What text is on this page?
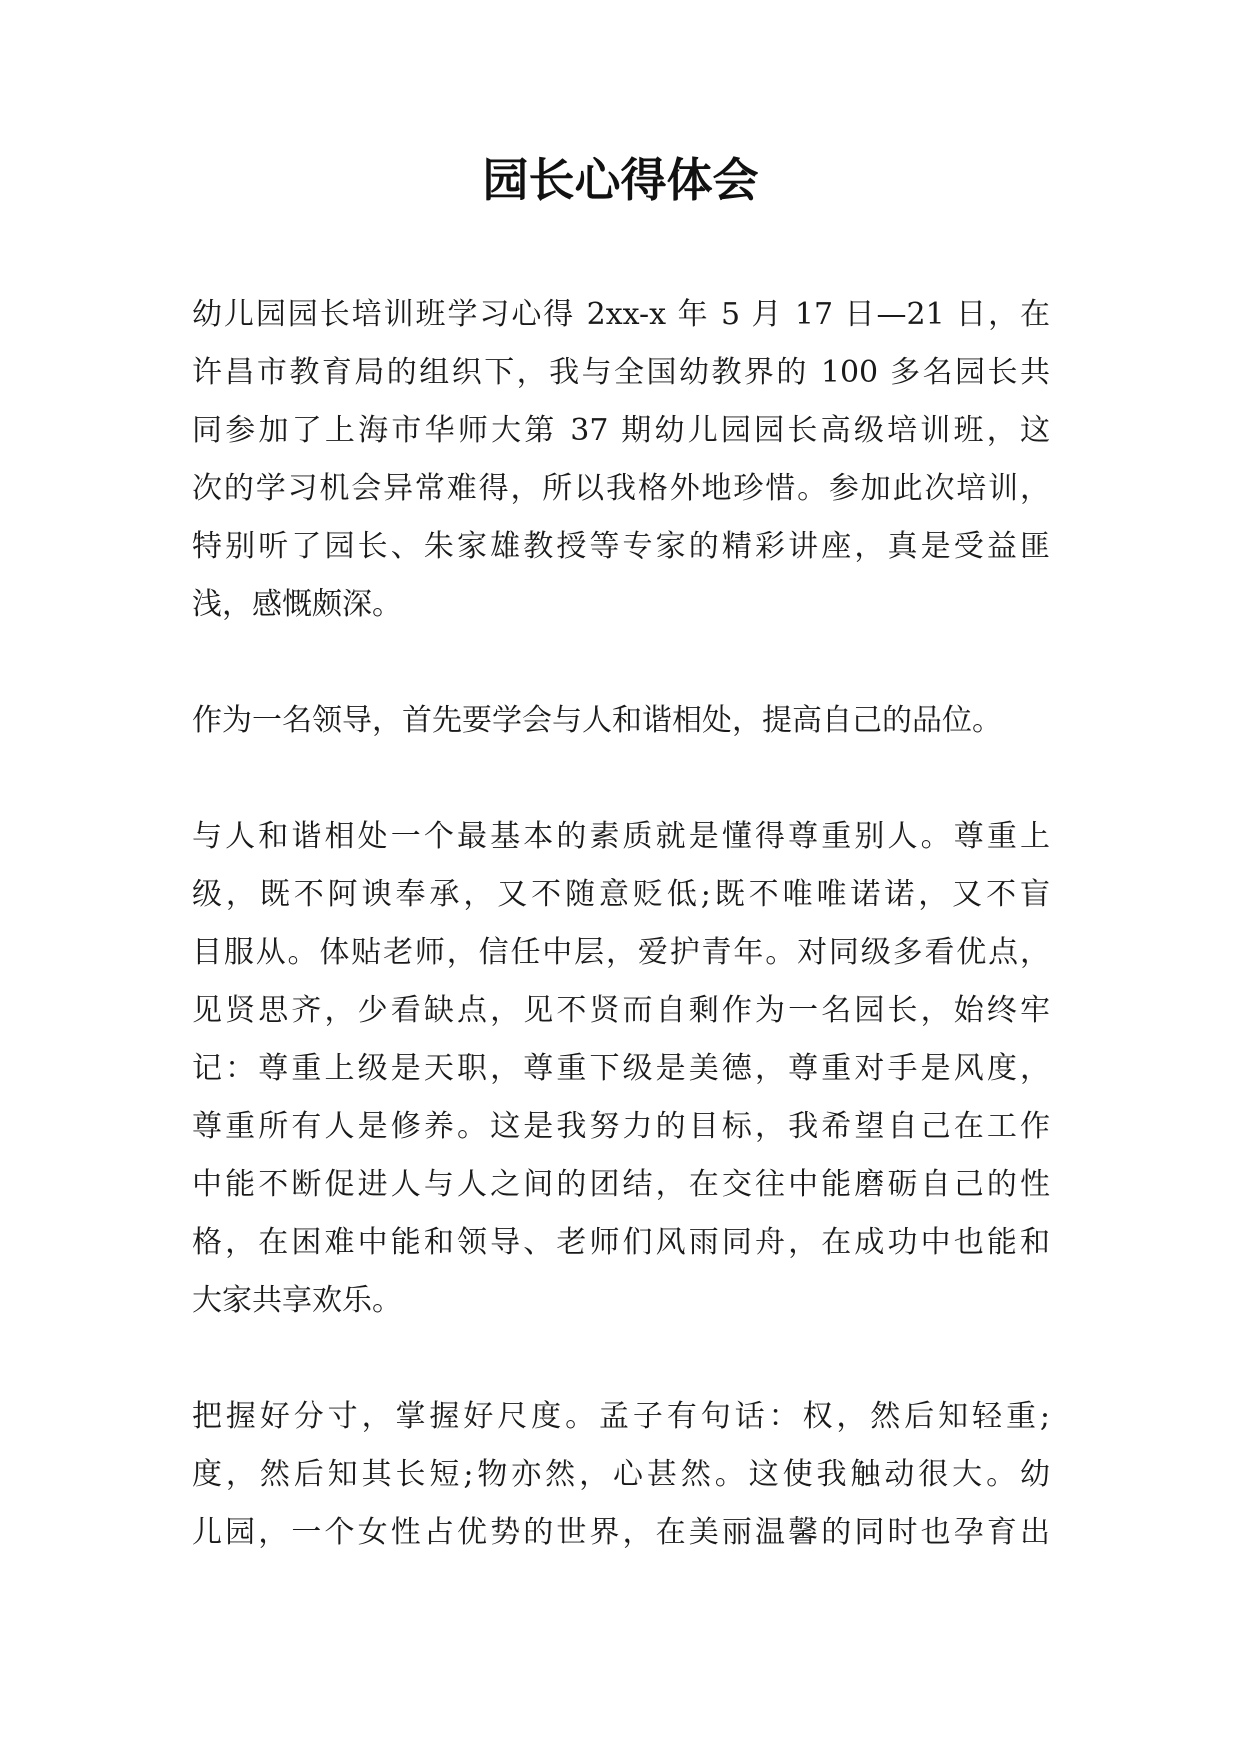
园长心得体会
幼儿园园长培训班学习心得 2xx-x 年 5 月 17 日—21 日，在
许昌市教育局的组织下，我与全国幼教界的 100 多名园长共
同参加了上海市华师大第 37 期幼儿园园长高级培训班，这
次的学习机会异常难得，所以我格外地珍惜。参加此次培训，
特别听了园长、朱家雄教授等专家的精彩讲座，真是受益匪
浅，感慨颇深。
作为一名领导，首先要学会与人和谐相处，提高自己的品位。
与人和谐相处一个最基本的素质就是懂得尊重别人。尊重上
级，既不阿谀奉承，又不随意贬低;既不唯唯诺诺，又不盲
目服从。体贴老师，信任中层，爱护青年。对同级多看优点，
见贤思齐，少看缺点，见不贤而自剩作为一名园长，始终牢
记：尊重上级是天职，尊重下级是美德，尊重对手是风度，
尊重所有人是修养。这是我努力的目标，我希望自己在工作
中能不断促进人与人之间的团结，在交往中能磨砺自己的性
格，在困难中能和领导、老师们风雨同舟，在成功中也能和
大家共享欢乐。
把握好分寸，掌握好尺度。孟子有句话：权，然后知轻重;
度，然后知其长短;物亦然，心甚然。这使我触动很大。幼
儿园，一个女性占优势的世界，在美丽温馨的同时也孕育出
